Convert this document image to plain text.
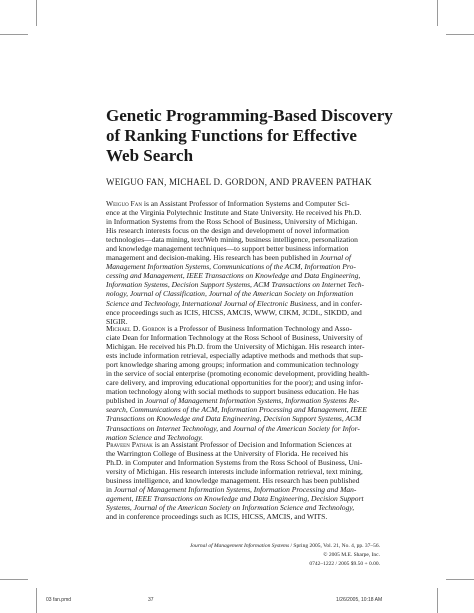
Genetic Programming-Based Discovery
of Ranking Functions for Effective
Web Search
WEIGUO FAN, MICHAEL D. GORDON, AND PRAVEEN PATHAK

Weiguo Fan is an Assistant Professor of Information Systems and Computer Sci-
ence at the Virginia Polytechnic Institute and State University. He received his Ph.D.
in Information Systems from the Ross School of Business, University of Michigan.
His research interests focus on the design and development of novel information
technologies—data mining, text/Web mining, business intelligence, personalization
and knowledge management techniques—to support better business information
management and decision-making. His research has been published in Journal of
Management Information Systems, Communications of the ACM, Information Pro-
cessing and Management, IEEE Transactions on Knowledge and Data Engineering,
Information Systems, Decision Support Systems, ACM Transactions on Internet Tech-
nology, Journal of Classification, Journal of the American Society on Information
Science and Technology, International Journal of Electronic Business, and in confer-
ence proceedings such as ICIS, HICSS, AMCIS, WWW, CIKM, JCDL, SIKDD, and
SIGIR.

Michael D. Gordon is a Professor of Business Information Technology and Asso-
ciate Dean for Information Technology at the Ross School of Business, University of
Michigan. He received his Ph.D. from the University of Michigan. His research inter-
ests include information retrieval, especially adaptive methods and methods that sup-
port knowledge sharing among groups; information and communication technology
in the service of social enterprise (promoting economic development, providing health-
care delivery, and improving educational opportunities for the poor); and using infor-
mation technology along with social methods to support business education. He has
published in Journal of Management Information Systems, Information Systems Re-
search, Communications of the ACM, Information Processing and Management, IEEE
Transactions on Knowledge and Data Engineering, Decision Support Systems, ACM
Transactions on Internet Technology, and Journal of the American Society for Infor-
mation Science and Technology.

Praveen Pathak is an Assistant Professor of Decision and Information Sciences at
the Warrington College of Business at the University of Florida. He received his
Ph.D. in Computer and Information Systems from the Ross School of Business, Uni-
versity of Michigan. His research interests include information retrieval, text mining,
business intelligence, and knowledge management. His research has been published
in Journal of Management Information Systems, Information Processing and Man-
agement, IEEE Transactions on Knowledge and Data Engineering, Decision Support
Systems, Journal of the American Society on Information Science and Technology,
and in conference proceedings such as ICIS, HICSS, AMCIS, and WITS.

Journal of Management Information Systems / Spring 2005, Vol. 21, No. 4, pp. 37–56.
© 2005 M.E. Sharpe, Inc.
0742–1222 / 2005 $9.50 + 0.00.
03 fan.pmd	37	1/26/2005, 10:18 AM
